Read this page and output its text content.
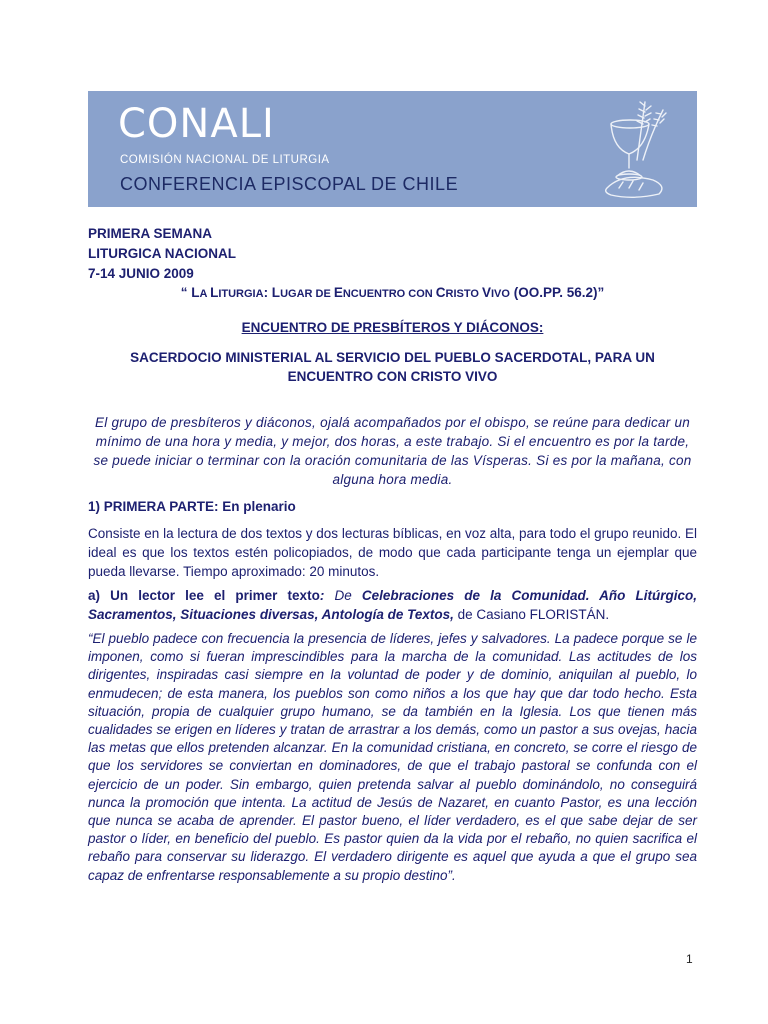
CONALI
COMISIÓN NACIONAL DE LITURGIA
CONFERENCIA EPISCOPAL DE CHILE
PRIMERA SEMANA
LITURGICA NACIONAL
7-14 JUNIO 2009
“ LA LITURGIA: LUGAR DE ENCUENTRO CON CRISTO VIVO (OO.PP. 56.2)”
ENCUENTRO DE PRESBÍTEROS Y DIÁCONOS:
SACERDOCIO MINISTERIAL AL SERVICIO DEL PUEBLO SACERDOTAL, PARA UN ENCUENTRO CON CRISTO VIVO
El grupo de presbíteros y diáconos, ojalá acompañados por el obispo, se reúne para dedicar un mínimo de una hora y media, y mejor, dos horas, a este trabajo. Si el encuentro es por la tarde, se puede iniciar o terminar con la oración comunitaria de las Vísperas. Si es por la mañana, con alguna hora media.
1) PRIMERA PARTE: En plenario
Consiste en la lectura de dos textos y dos lecturas bíblicas, en voz alta, para todo el grupo reunido. El ideal es que los textos estén policopiados, de modo que cada participante tenga un ejemplar que pueda llevarse. Tiempo aproximado: 20 minutos.
a) Un lector lee el primer texto: De Celebraciones de la Comunidad. Año Litúrgico, Sacramentos, Situaciones diversas, Antología de Textos, de Casiano FLORISTÁN.
“El pueblo padece con frecuencia la presencia de líderes, jefes y salvadores. La padece porque se le imponen, como si fueran imprescindibles para la marcha de la comunidad. Las actitudes de los dirigentes, inspiradas casi siempre en la voluntad de poder y de dominio, aniquilan al pueblo, lo enmudecen; de esta manera, los pueblos son como niños a los que hay que dar todo hecho. Esta situación, propia de cualquier grupo humano, se da también en la Iglesia. Los que tienen más cualidades se erigen en líderes y tratan de arrastrar a los demás, como un pastor a sus ovejas, hacia las metas que ellos pretenden alcanzar. En la comunidad cristiana, en concreto, se corre el riesgo de que los servidores se conviertan en dominadores, de que el trabajo pastoral se confunda con el ejercicio de un poder. Sin embargo, quien pretenda salvar al pueblo dominándolo, no conseguirá nunca la promoción que intenta. La actitud de Jesús de Nazaret, en cuanto Pastor, es una lección que nunca se acaba de aprender. El pastor bueno, el líder verdadero, es el que sabe dejar de ser pastor o líder, en beneficio del pueblo. Es pastor quien da la vida por el rebaño, no quien sacrifica el rebaño para conservar su liderazgo. El verdadero dirigente es aquel que ayuda a que el grupo sea capaz de enfrentarse responsablemente a su propio destino”.
1
